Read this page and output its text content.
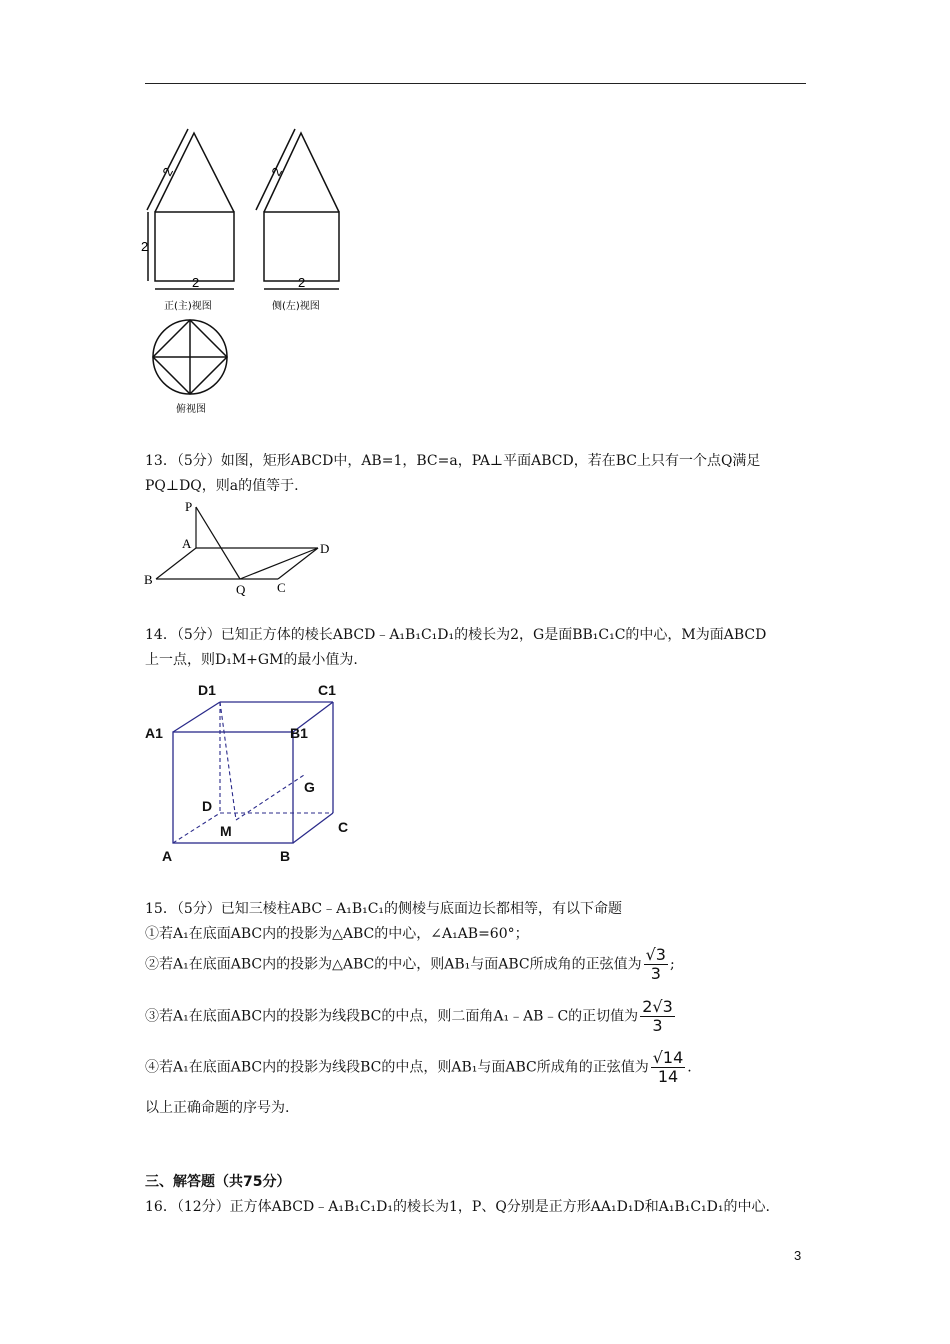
2
2
2
2
2
正(主)视图	侧(左)视图
俯视图
13．（5分）如图，矩形ABCD中，AB=1，BC=a，PA⊥平面ABCD，若在BC上只有一个点Q满足
PQ⊥DQ，则a的值等于.
P
A
B
Q C
D
14．（5分）已知正方体的棱长ABCD﹣A₁B₁C₁D₁的棱长为2，G是面BB₁C₁C的中心，M为面ABCD
上一点，则D₁M+GM的最小值为.
D1	C1
A1	B1
G
D
M	C
A	B
15．（5分）已知三棱柱ABC﹣A₁B₁C₁的侧棱与底面边长都相等，有以下命题
①若A₁在底面ABC内的投影为△ABC的中心，∠A₁AB=60°；
②若A₁在底面ABC内的投影为△ABC的中心，则AB₁与面ABC所成角的正弦值为 $\frac{√3}{3}$ ;
③若A₁在底面ABC内的投影为线段BC的中点，则二面角A₁﹣AB﹣C的正切值为 $\frac{2√3}{3}$
④若A₁在底面ABC内的投影为线段BC的中点，则AB₁与面ABC所成角的正弦值为 $\frac{√14}{14}$ .
以上正确命题的序号为.
三、解答题（共75分）
16．（12分）正方体ABCD﹣A₁B₁C₁D₁的棱长为1，P、Q分别是正方形AA₁D₁D和A₁B₁C₁D₁的中心.
3
